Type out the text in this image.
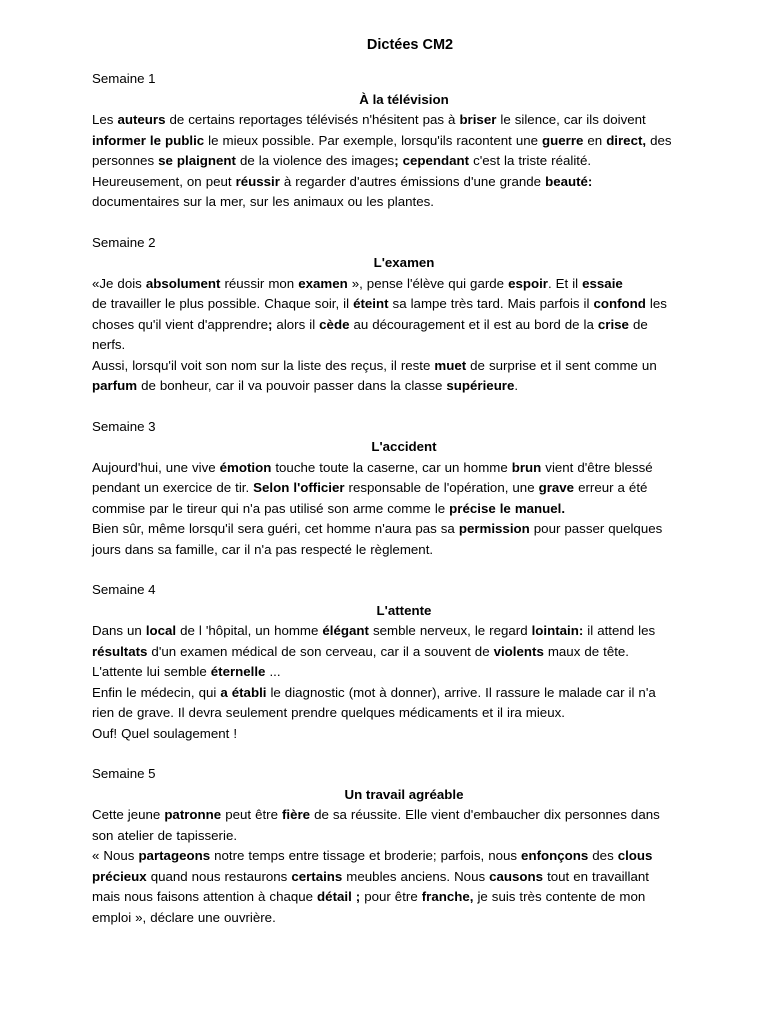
Dictées CM2
Semaine 1
À la télévision

Les auteurs de certains reportages télévisés n'hésitent pas à briser le silence, car ils doivent
informer le public le mieux possible. Par exemple, lorsqu'ils racontent une guerre en direct, des
personnes se plaignent de la violence des images; cependant c'est la triste réalité.
Heureusement, on peut réussir à regarder d'autres émissions d'une grande beauté:
documentaires sur la mer, sur les animaux ou les plantes.

Semaine 2
L'examen

«Je dois absolument réussir mon examen », pense l'élève qui garde espoir. Et il essaie
de travailler le plus possible. Chaque soir, il éteint sa lampe très tard. Mais parfois il confond les
choses qu'il vient d'apprendre; alors il cède au découragement et il est au bord de la crise de
nerfs.

Aussi, lorsqu'il voit son nom sur la liste des reçus, il reste muet de surprise et il sent comme un
parfum de bonheur, car il va pouvoir passer dans la classe supérieure.

Semaine 3
L'accident

Aujourd'hui, une vive émotion touche toute la caserne, car un homme brun vient d'être blessé
pendant un exercice de tir. Selon l'officier responsable de l'opération, une grave erreur a été
commise par le tireur qui n'a pas utilisé son arme comme le précise le manuel.

Bien sûr, même lorsqu'il sera guéri, cet homme n'aura pas sa permission pour passer quelques
jours dans sa famille, car il n'a pas respecté le règlement.

Semaine 4
L'attente

Dans un local de l 'hôpital, un homme élégant semble nerveux, le regard lointain: il attend les
résultats d'un examen médical de son cerveau, car il a souvent de violents maux de tête.
L'attente lui semble éternelle ...

Enfin le médecin, qui a établi le diagnostic (mot à donner), arrive. Il rassure le malade car il n'a
rien de grave. Il devra seulement prendre quelques médicaments et il ira mieux.

Ouf! Quel soulagement !

Semaine 5
Un travail agréable

Cette jeune patronne peut être fière de sa réussite. Elle vient d'embaucher dix personnes dans
son atelier de tapisserie.

« Nous partageons notre temps entre tissage et broderie; parfois, nous enfonçons des clous
précieux quand nous restaurons certains meubles anciens. Nous causons tout en travaillant
mais nous faisons attention à chaque détail ; pour être franche, je suis très contente de mon
emploi », déclare une ouvrière.
